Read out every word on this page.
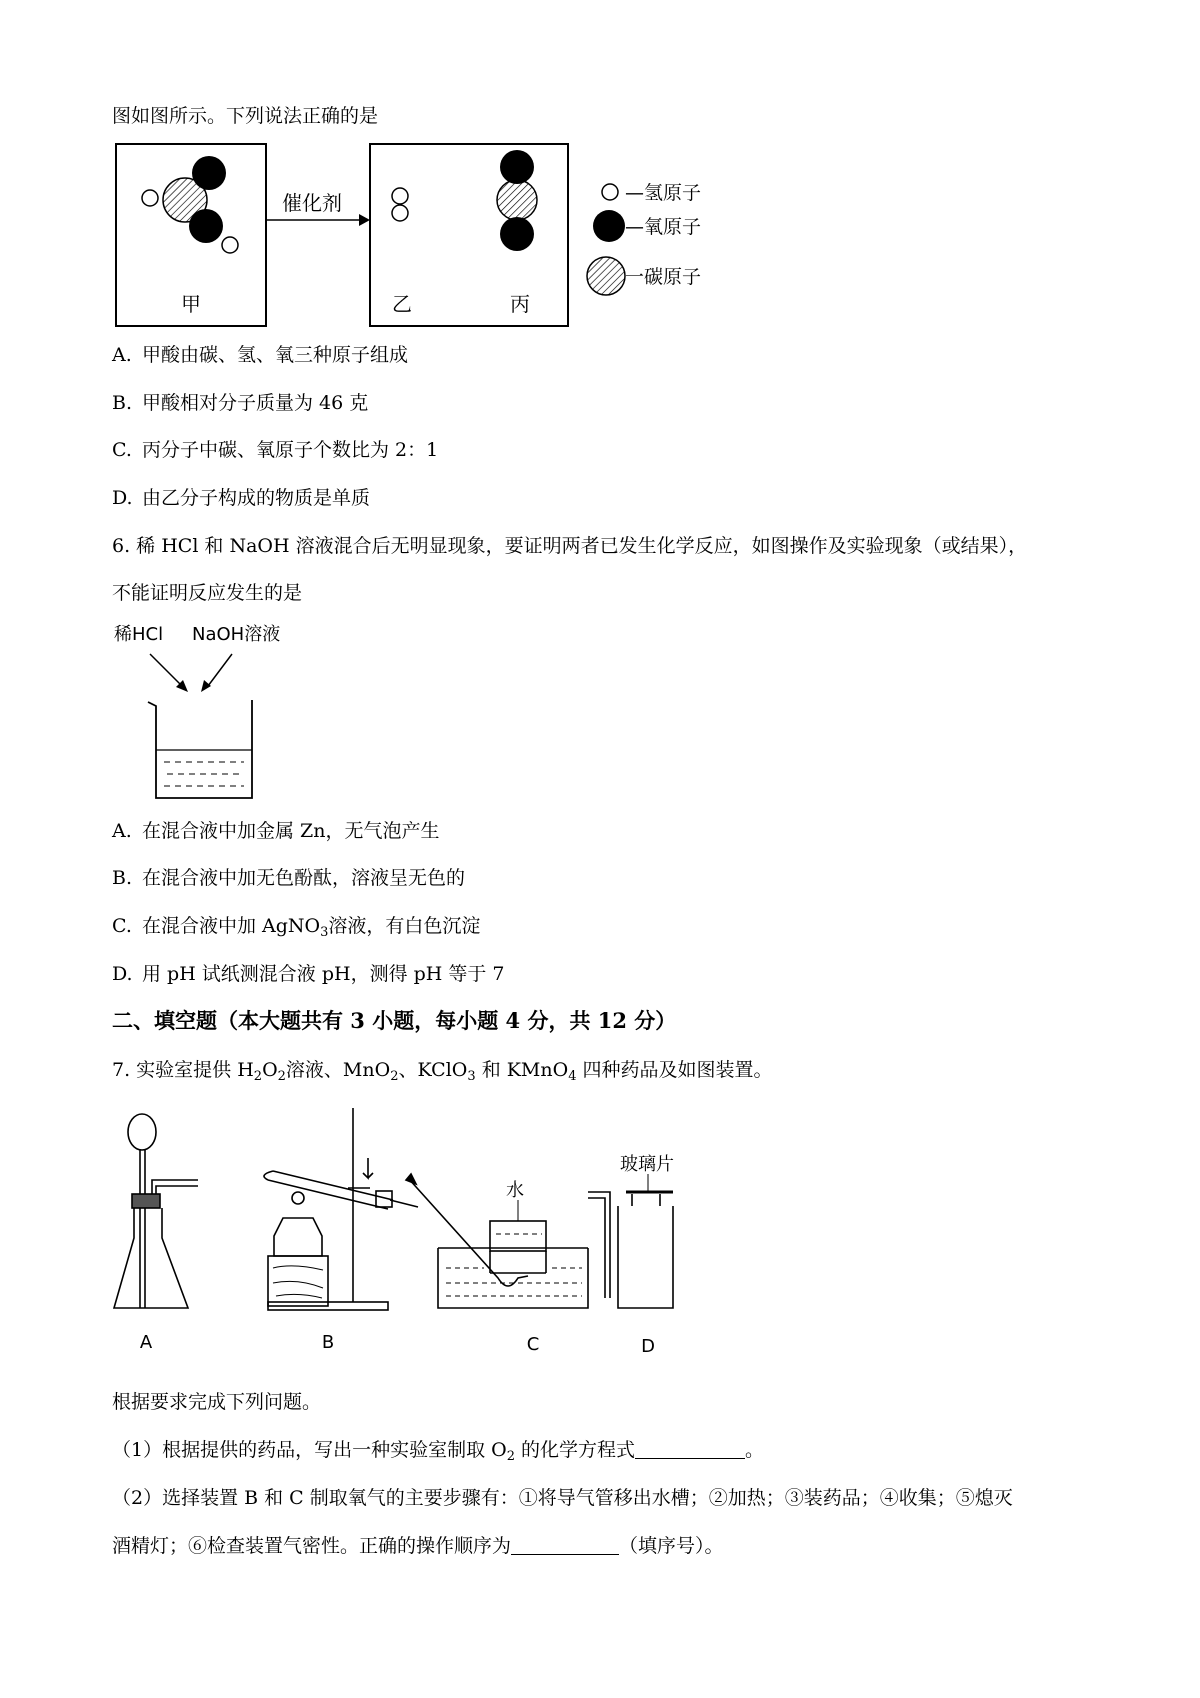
图如图所示。下列说法正确的是
甲
催化剂
乙	丙
—氢原子
—氧原子
一碳原子
A. 甲酸由碳、氢、氧三种原子组成
B. 甲酸相对分子质量为 46 克
C. 丙分子中碳、氧原子个数比为 2：1
D. 由乙分子构成的物质是单质
6. 稀 HCl 和 NaOH 溶液混合后无明显现象，要证明两者已发生化学反应，如图操作及实验现象（或结果），
不能证明反应发生的是
稀HCl NaOH溶液
A. 在混合液中加金属 Zn，无气泡产生
B. 在混合液中加无色酚酞，溶液呈无色的
C. 在混合液中加 AgNO$_3$溶液，有白色沉淀
D. 用 pH 试纸测混合液 pH，测得 pH 等于 7
二、填空题（本大题共有 3 小题，每小题 4 分，共 12 分）
7. 实验室提供 $H_2O_2$溶液、MnO$_2$、KClO$_3$ 和 KMnO$_4$ 四种药品及如图装置。
水
玻璃片
A	B	C	D
根据要求完成下列问题。
（1）根据提供的药品，写出一种实验室制取 $O_2$ 的化学方程式	。
（2）选择装置 B 和 C 制取氧气的主要步骤有：①将导气管移出水槽；②加热；③装药品；④收集；⑤熄灭
酒精灯；⑥检查装置气密性。正确的操作顺序为	（填序号）。
